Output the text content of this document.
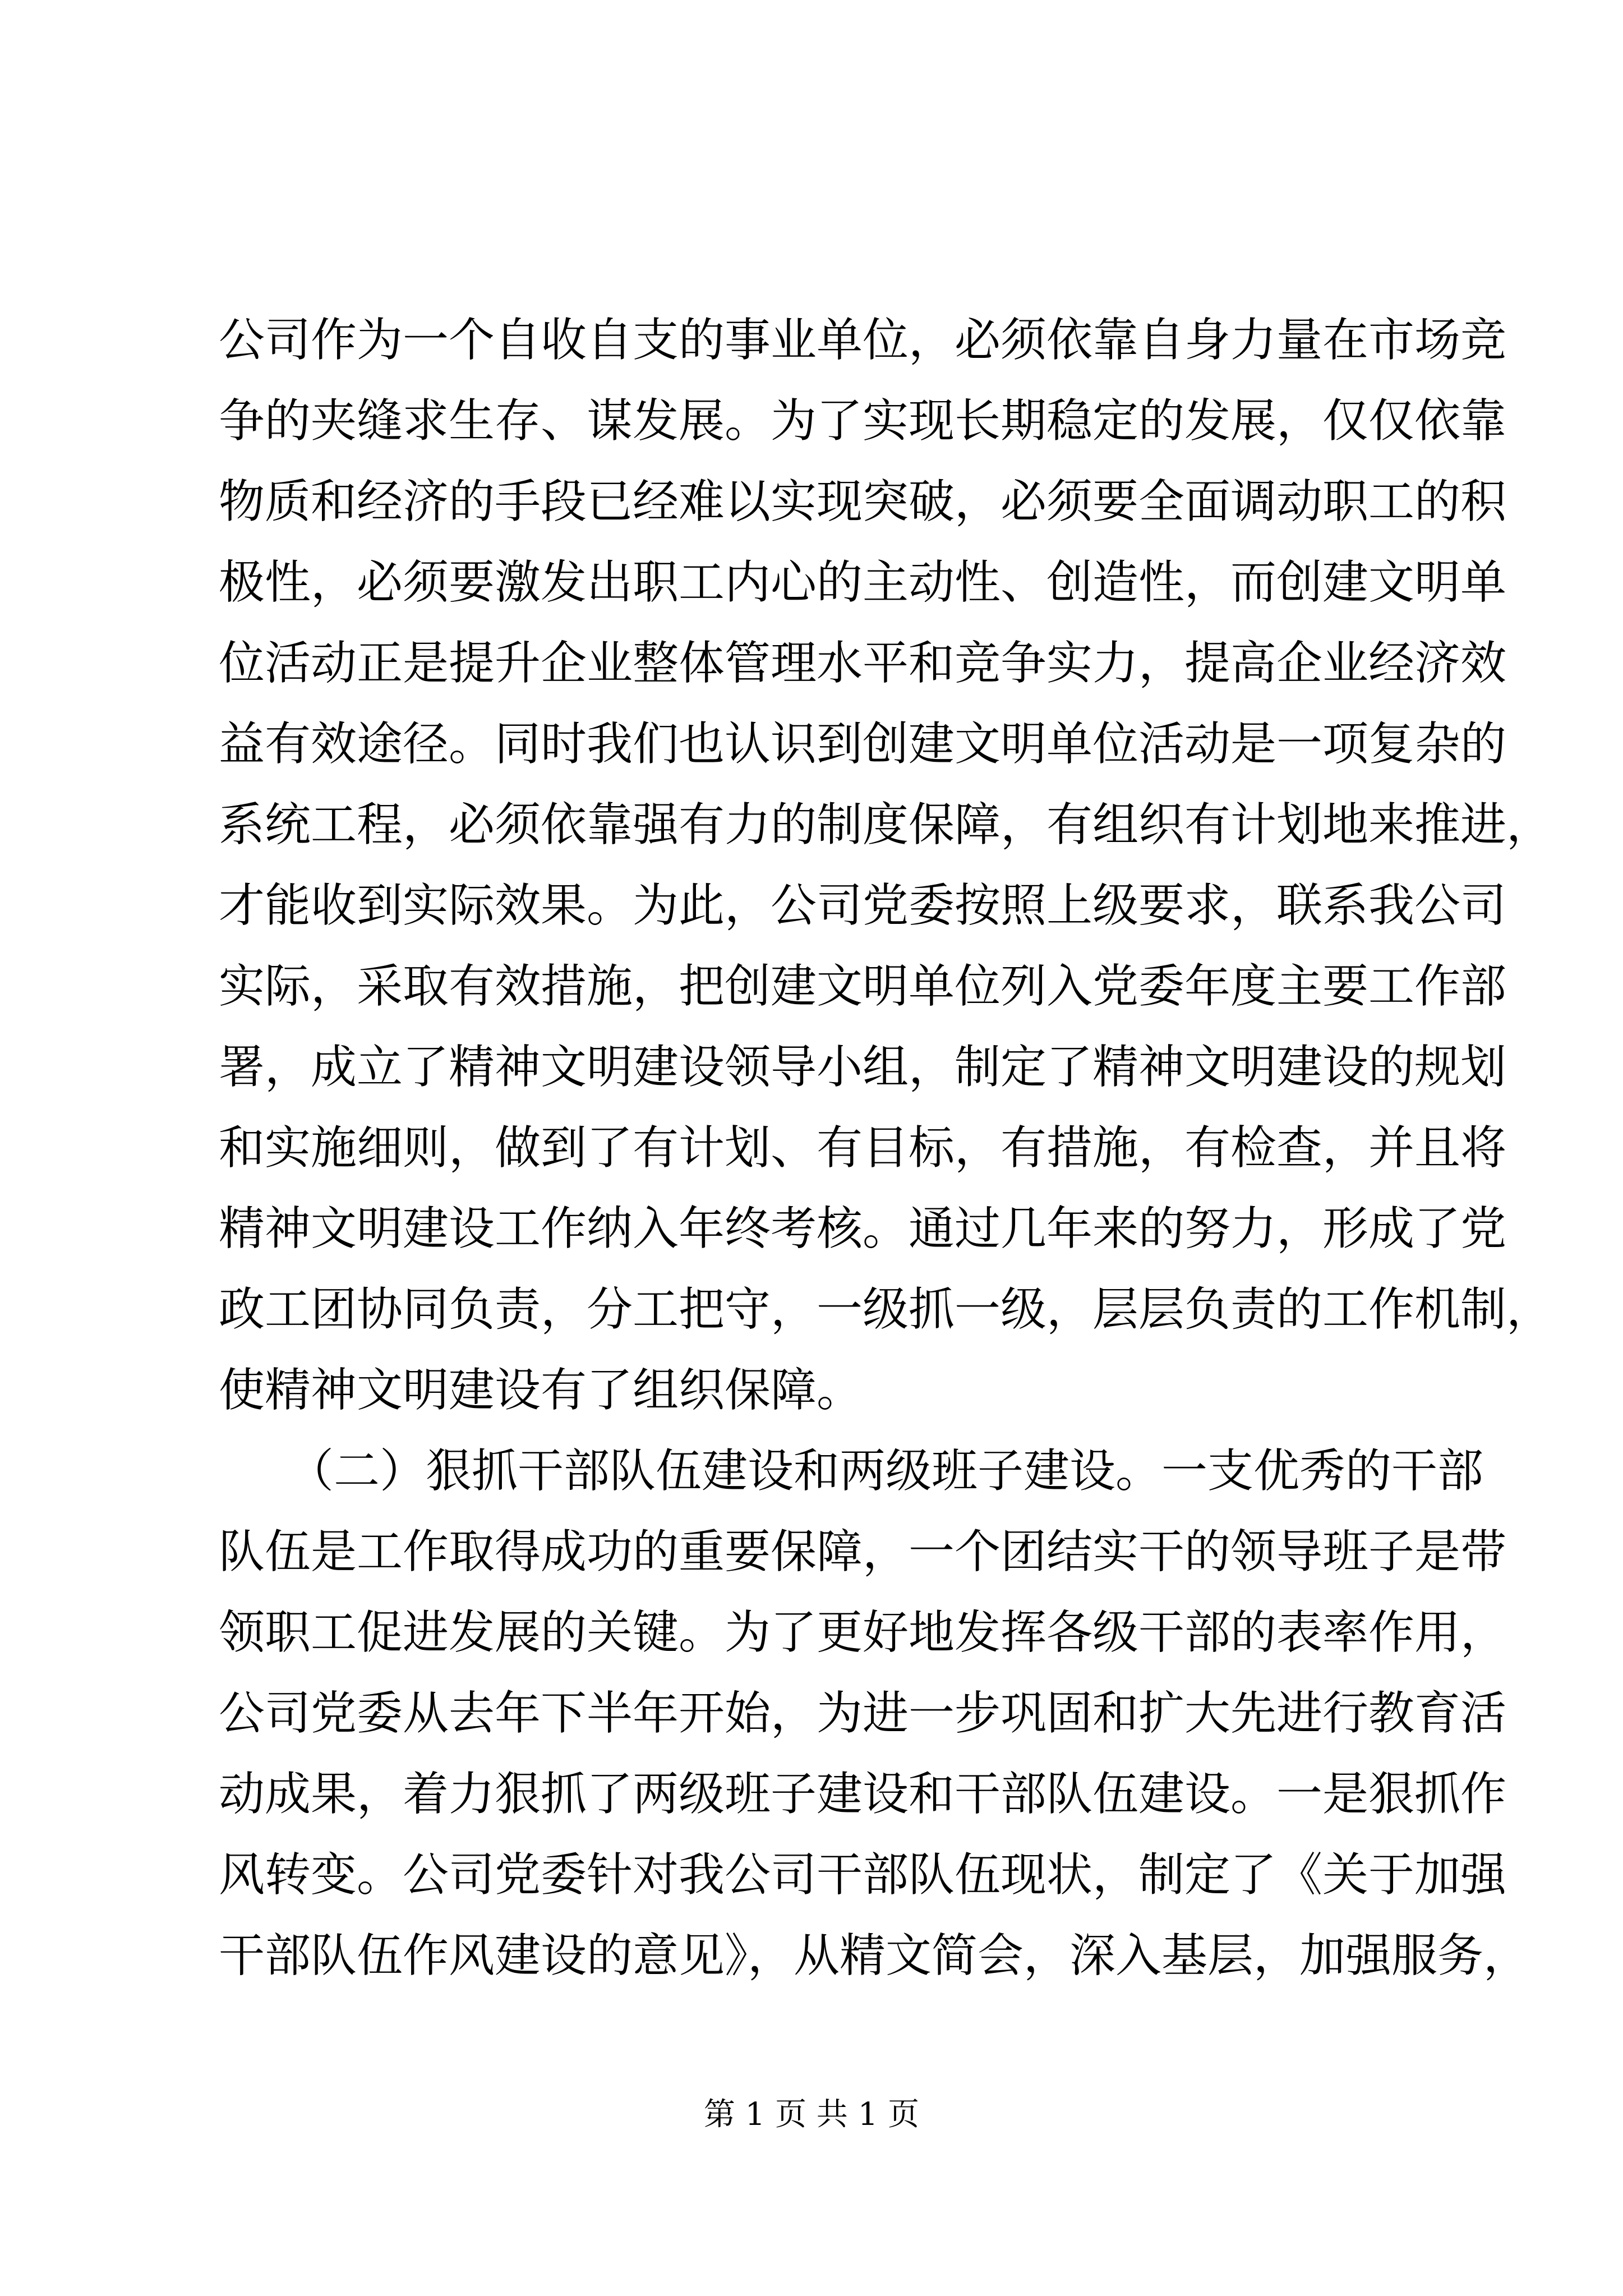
公司作为一个自收自支的事业单位，必须依靠自身力量在市场竞
争的夹缝求生存、谋发展。为了实现长期稳定的发展，仅仅依靠
物质和经济的手段已经难以实现突破，必须要全面调动职工的积
极性，必须要激发出职工内心的主动性、创造性，而创建文明单
位活动正是提升企业整体管理水平和竞争实力，提高企业经济效
益有效途径。同时我们也认识到创建文明单位活动是一项复杂的
系统工程，必须依靠强有力的制度保障，有组织有计划地来推进，
才能收到实际效果。为此，公司党委按照上级要求，联系我公司
实际，采取有效措施，把创建文明单位列入党委年度主要工作部
署，成立了精神文明建设领导小组，制定了精神文明建设的规划
和实施细则，做到了有计划、有目标，有措施，有检查，并且将
精神文明建设工作纳入年终考核。通过几年来的努力，形成了党
政工团协同负责，分工把守，一级抓一级，层层负责的工作机制，
使精神文明建设有了组织保障。
　　（二）狠抓干部队伍建设和两级班子建设。一支优秀的干部
队伍是工作取得成功的重要保障，一个团结实干的领导班子是带
领职工促进发展的关键。为了更好地发挥各级干部的表率作用，
公司党委从去年下半年开始，为进一步巩固和扩大先进行教育活
动成果，着力狠抓了两级班子建设和干部队伍建设。一是狠抓作
风转变。公司党委针对我公司干部队伍现状，制定了《关于加强
干部队伍作风建设的意见》，从精文简会，深入基层，加强服务，
第 1 页 共 1 页
